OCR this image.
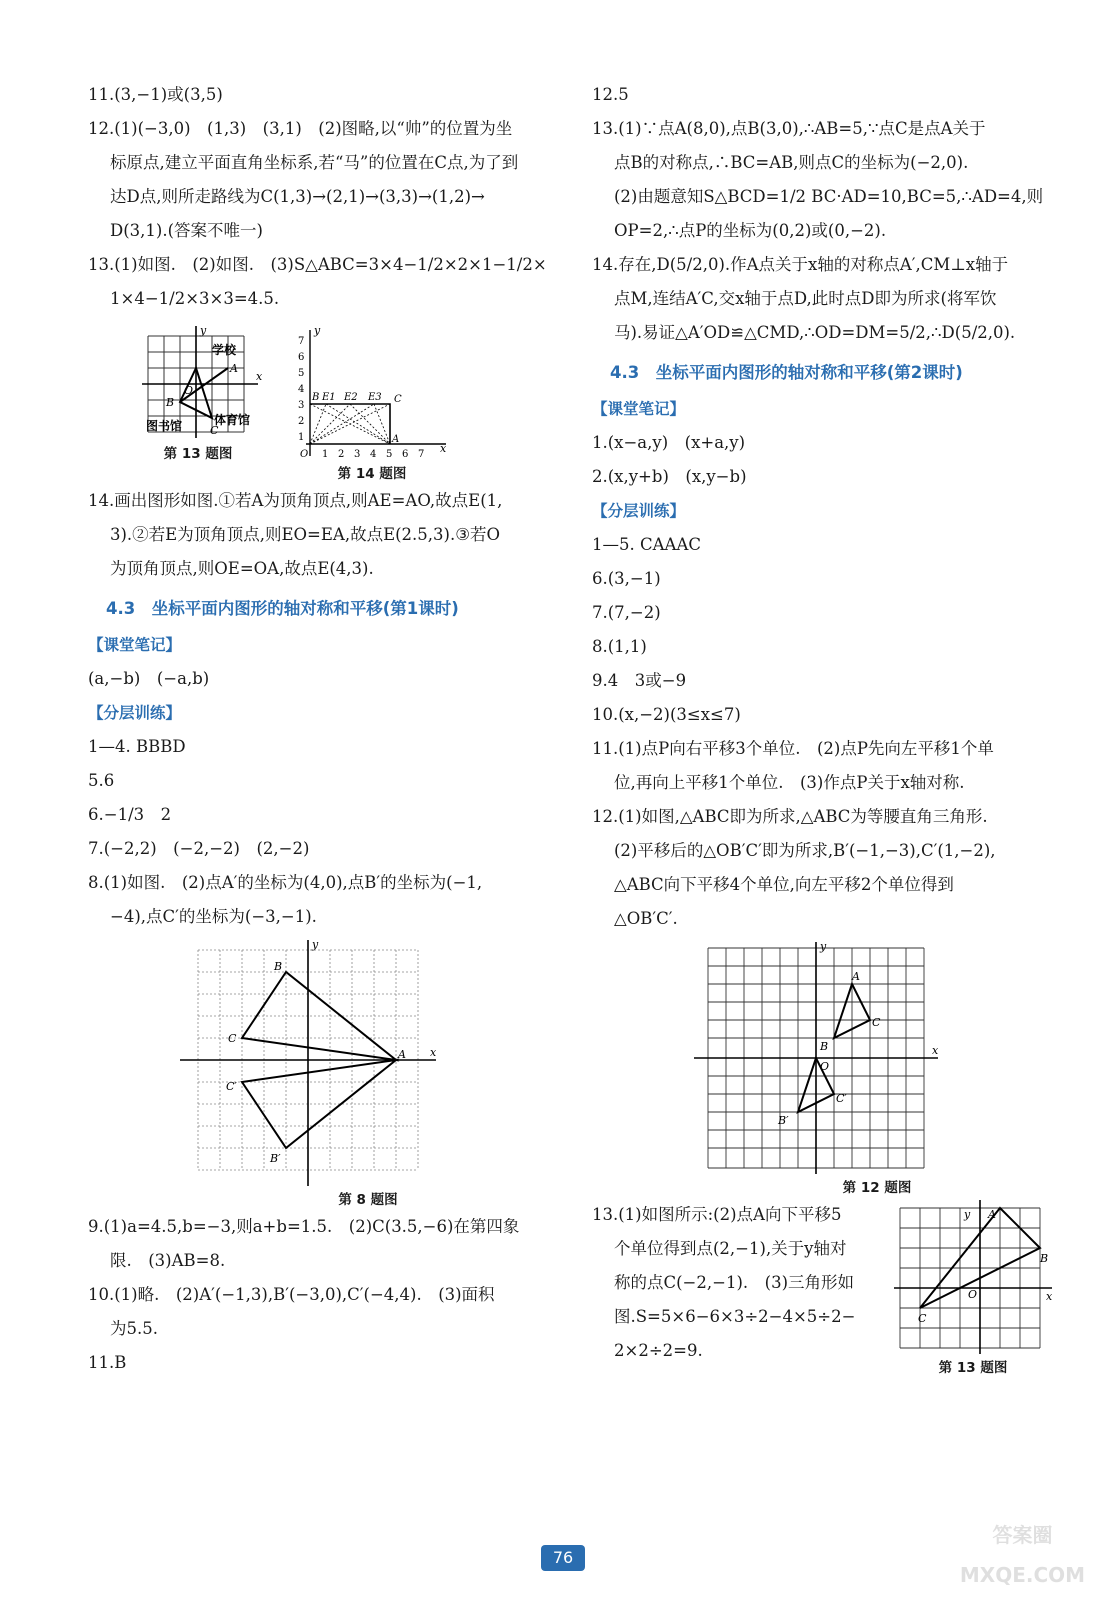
11.(3,−1)或(3,5)

12.(1)(−3,0)　(1,3)　(3,1)　(2)图略,以“帅”的位置为坐

标原点,建立平面直角坐标系,若“马”的位置在C点,为了到

达D点,则所走路线为C(1,3)→(2,1)→(3,3)→(1,2)→

D(3,1).(答案不唯一)

13.(1)如图.　(2)如图.　(3)S△ABC=3×4−1/2×2×1−1/2×

1×4−1/2×3×3=4.5.

y
x
学校
A
O
B
体育馆
图书馆	C
第 13 题图
7
6
5
4
3
2
1
1 2 3 4 5 6 7
y
x
B E1 E2 E3 C
A
O
第 14 题图

14.画出图形如图.①若A为顶角顶点,则AE=AO,故点E(1,

3).②若E为顶角顶点,则EO=EA,故点E(2.5,3).③若O

为顶角顶点,则OE=OA,故点E(4,3).

4.3　坐标平面内图形的轴对称和平移(第1课时)
【课堂笔记】

(a,−b)　(−a,b)

【分层训练】

1—4. BBBD

5.6

6.−1/3　2

7.(−2,2)　(−2,−2)　(2,−2)

8.(1)如图.　(2)点A′的坐标为(4,0),点B′的坐标为(−1,

−4),点C′的坐标为(−3,−1).

B
C
A
C′
B′
y
x
第 8 题图

9.(1)a=4.5,b=−3,则a+b=1.5.　(2)C(3.5,−6)在第四象

限.　(3)AB=8.

10.(1)略.　(2)A′(−1,3),B′(−3,0),C′(−4,4).　(3)面积

为5.5.

11.B

12.5

13.(1)∵点A(8,0),点B(3,0),∴AB=5,∵点C是点A关于

点B的对称点,∴BC=AB,则点C的坐标为(−2,0).

(2)由题意知S△BCD=1/2 BC·AD=10,BC=5,∴AD=4,则

OP=2,∴点P的坐标为(0,2)或(0,−2).

14.存在,D(5/2,0).作A点关于x轴的对称点A′,CM⊥x轴于

点M,连结A′C,交x轴于点D,此时点D即为所求(将军饮

马).易证△A′OD≌△CMD,∴OD=DM=5/2,∴D(5/2,0).

4.3　坐标平面内图形的轴对称和平移(第2课时)
【课堂笔记】

1.(x−a,y)　(x+a,y)

2.(x,y+b)　(x,y−b)

【分层训练】

1—5. CAAAC

6.(3,−1)

7.(7,−2)

8.(1,1)

9.4　3或−9

10.(x,−2)(3≤x≤7)

11.(1)点P向右平移3个单位.　(2)点P先向左平移1个单

位,再向上平移1个单位.　(3)作点P关于x轴对称.

12.(1)如图,△ABC即为所求,△ABC为等腰直角三角形.

(2)平移后的△OB′C′即为所求,B′(−1,−3),C′(1,−2),

△ABC向下平移4个单位,向左平移2个单位得到

△OB′C′.

A
C
B
C′
B′
O
y
x
第 12 题图

13.(1)如图所示:(2)点A向下平移5

个单位得到点(2,−1),关于y轴对

称的点C(−2,−1).　(3)三角形如

图.S=5×6−6×3÷2−4×5÷2−

2×2÷2=9.

A
B
C
O
y
x
第 13 题图
76
答案圈 MXQE.COM
